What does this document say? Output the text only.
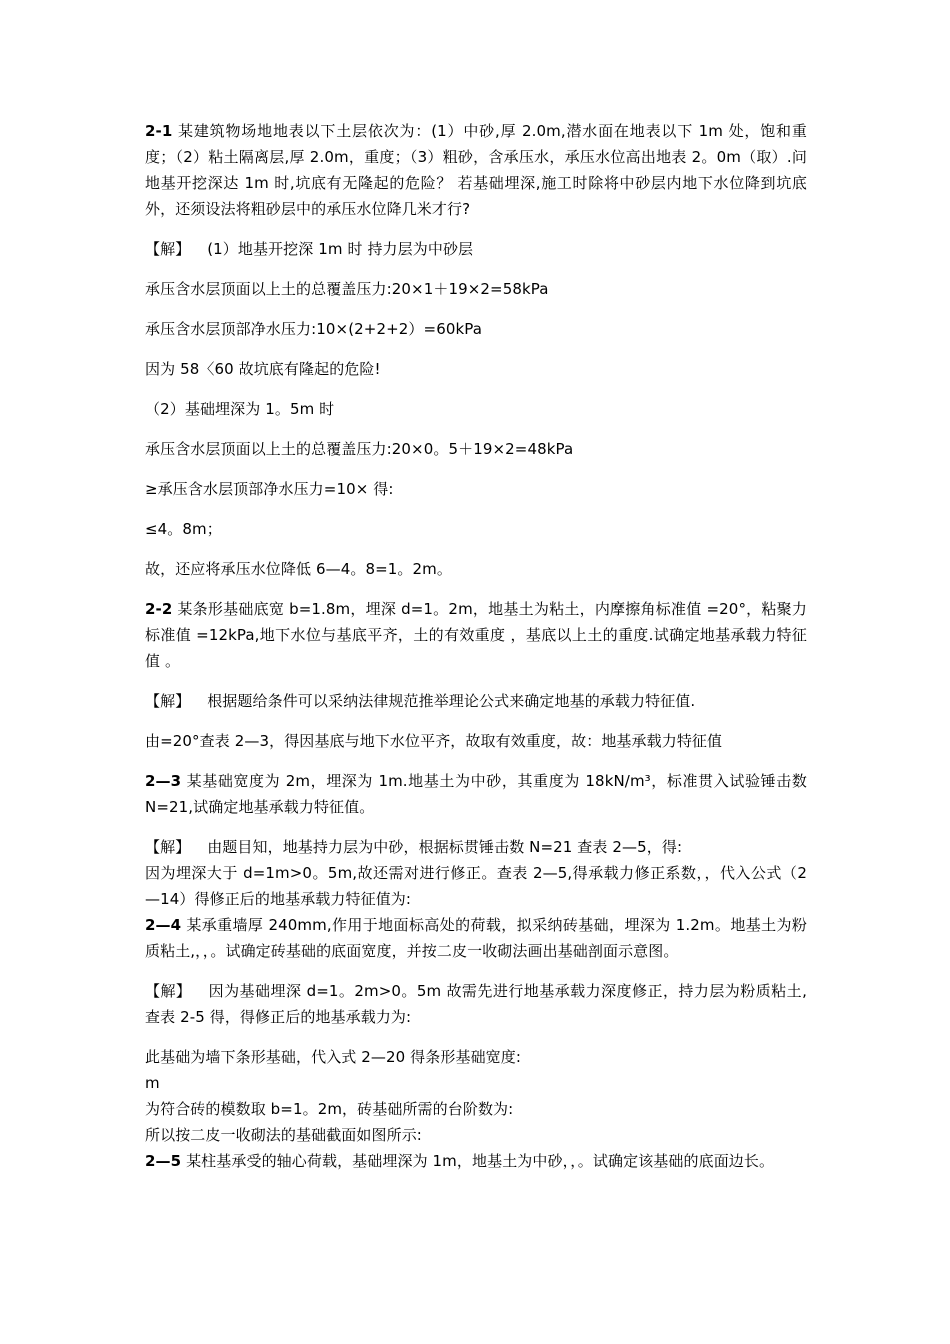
2-1 某建筑物场地地表以下土层依次为：(1）中砂,厚 2.0m,潜水面在地表以下 1m 处，饱和重度；（2）粘土隔离层,厚 2.0m，重度；（3）粗砂，含承压水，承压水位高出地表 2。0m（取）.问地基开挖深达 1m 时,坑底有无隆起的危险？ 若基础埋深,施工时除将中砂层内地下水位降到坑底外，还须设法将粗砂层中的承压水位降几米才行?

【解】 (1）地基开挖深 1m 时 持力层为中砂层

承压含水层顶面以上土的总覆盖压力:20×1＋19×2=58kPa

承压含水层顶部净水压力:10×(2+2+2）=60kPa

因为 58〈60 故坑底有隆起的危险!

（2）基础埋深为 1。5m 时

承压含水层顶面以上土的总覆盖压力:20×0。5＋19×2=48kPa

≥承压含水层顶部净水压力=10× 得:

≤4。8m；

故，还应将承压水位降低 6—4。8=1。2m。

2-2 某条形基础底宽 b=1.8m，埋深 d=1。2m，地基土为粘土，内摩擦角标准值 =20°，粘聚力标准值 =12kPa,地下水位与基底平齐，土的有效重度 ，基底以上土的重度.试确定地基承载力特征值 。

【解】 根据题给条件可以采纳法律规范推举理论公式来确定地基的承载力特征值.

由=20°查表 2—3，得因基底与地下水位平齐，故取有效重度，故：地基承载力特征值

2—3 某基础宽度为 2m，埋深为 1m.地基土为中砂，其重度为 18kN/m³，标准贯入试验锤击数 N=21,试确定地基承载力特征值。

【解】 由题目知，地基持力层为中砂，根据标贯锤击数 N=21 查表 2—5，得:

因为埋深大于 d=1m>0。5m,故还需对进行修正。查表 2—5,得承载力修正系数，，代入公式（2—14）得修正后的地基承载力特征值为:

2—4 某承重墙厚 240mm,作用于地面标高处的荷载，拟采纳砖基础，埋深为 1.2m。地基土为粉质粘土,，，。试确定砖基础的底面宽度，并按二皮一收砌法画出基础剖面示意图。

【解】 因为基础埋深 d=1。2m>0。5m 故需先进行地基承载力深度修正，持力层为粉质粘土,查表 2-5 得，得修正后的地基承载力为:

此基础为墙下条形基础，代入式 2—20 得条形基础宽度:

m

为符合砖的模数取 b=1。2m，砖基础所需的台阶数为:

所以按二皮一收砌法的基础截面如图所示:

2—5 某柱基承受的轴心荷载，基础埋深为 1m，地基土为中砂，，。试确定该基础的底面边长。
